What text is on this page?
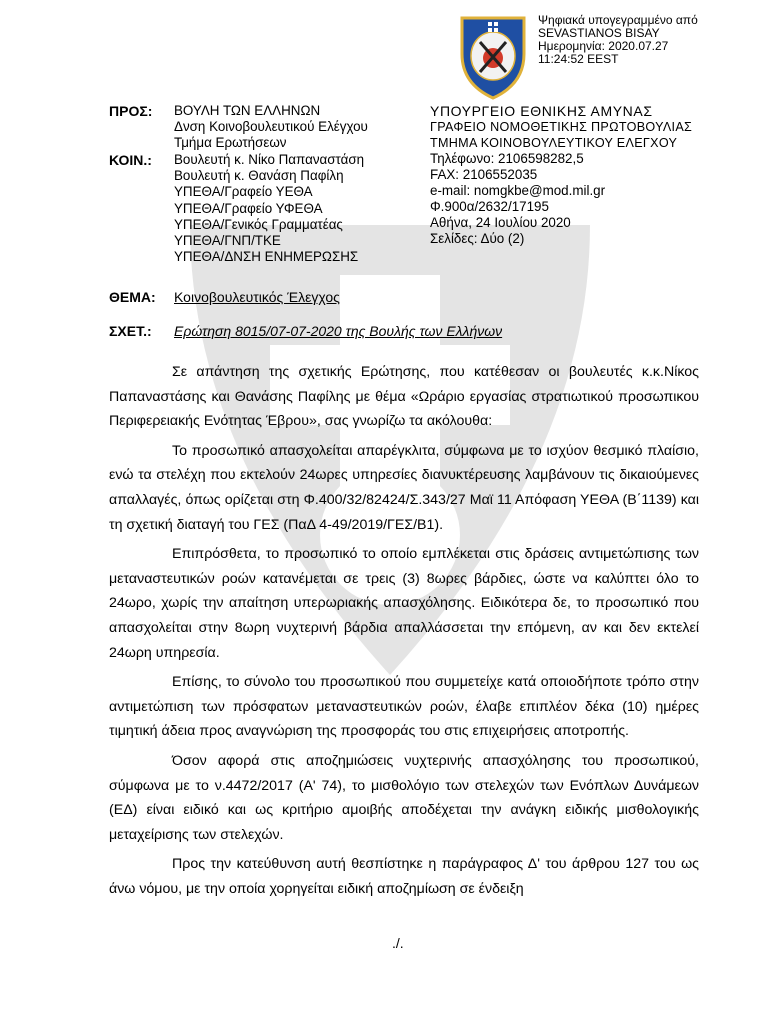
Ψηφιακά υπογεγραμμένο από
SEVASTIANOS BISAY
Ημερομηνία: 2020.07.27
11:24:52 EEST
ΠΡΟΣ: ΒΟΥΛΗ ΤΩΝ ΕΛΛΗΝΩΝ
Δνση Κοινοβουλευτικού Ελέγχου
Τμήμα Ερωτήσεων
ΚΟΙΝ.: Βουλευτή κ. Νίκο Παπαναστάση
Βουλευτή κ. Θανάση Παφίλη
ΥΠΕΘΑ/Γραφείο ΥΕΘΑ
ΥΠΕΘΑ/Γραφείο ΥΦΕΘΑ
ΥΠΕΘΑ/Γενικός Γραμματέας
ΥΠΕΘΑ/ΓΝΠ/ΤΚΕ
ΥΠΕΘΑ/ΔΝΣΗ ΕΝΗΜΕΡΩΣΗΣ
ΥΠΟΥΡΓΕΙΟ ΕΘΝΙΚΗΣ ΑΜΥΝΑΣ
ΓΡΑΦΕΙΟ ΝΟΜΟΘΕΤΙΚΗΣ ΠΡΩΤΟΒΟΥΛΙΑΣ
ΤΜΗΜΑ ΚΟΙΝΟΒΟΥΛΕΥΤΙΚΟΥ ΕΛΕΓΧΟΥ
Τηλέφωνο: 2106598282,5
FAX: 2106552035
e-mail: nomgkbe@mod.mil.gr
Φ.900α/2632/17195
Αθήνα, 24 Ιουλίου 2020
Σελίδες: Δύο (2)
ΘΕΜΑ: Κοινοβουλευτικός Έλεγχος
ΣΧΕΤ.: Ερώτηση 8015/07-07-2020 της Βουλής των Ελλήνων

Σε απάντηση της σχετικής Ερώτησης, που κατέθεσαν οι βουλευτές κ.κ.Νίκος Παπαναστάσης και Θανάσης Παφίλης με θέμα «Ωράριο εργασίας στρατιωτικού προσωπικου Περιφερειακής Ενότητας Έβρου», σας γνωρίζω τα ακόλουθα:

Το προσωπικό απασχολείται απαρέγκλιτα, σύμφωνα με το ισχύον θεσμικό πλαίσιο, ενώ τα στελέχη που εκτελούν 24ωρες υπηρεσίες διανυκτέρευσης λαμβάνουν τις δικαιούμενες απαλλαγές, όπως ορίζεται στη Φ.400/32/82424/Σ.343/27 Μαϊ 11 Απόφαση ΥΕΘΑ (Β΄1139) και τη σχετική διαταγή του ΓΕΣ (ΠαΔ 4-49/2019/ΓΕΣ/Β1).

Επιπρόσθετα, το προσωπικό το οποίο εμπλέκεται στις δράσεις αντιμετώπισης των μεταναστευτικών ροών κατανέμεται σε τρεις (3) 8ωρες βάρδιες, ώστε να καλύπτει όλο το 24ωρο, χωρίς την απαίτηση υπερωριακής απασχόλησης. Ειδικότερα δε, το προσωπικό που απασχολείται στην 8ωρη νυχτερινή βάρδια απαλλάσσεται την επόμενη, αν και δεν εκτελεί 24ωρη υπηρεσία.

Επίσης, το σύνολο του προσωπικού που συμμετείχε κατά οποιοδήποτε τρόπο στην αντιμετώπιση των πρόσφατων μεταναστευτικών ροών, έλαβε επιπλέον δέκα (10) ημέρες τιμητική άδεια προς αναγνώριση της προσφοράς του στις επιχειρήσεις αποτροπής.

Όσον αφορά στις αποζημιώσεις νυχτερινής απασχόλησης του προσωπικού, σύμφωνα με το ν.4472/2017 (Α' 74), το μισθολόγιο των στελεχών των Ενόπλων Δυνάμεων (ΕΔ) είναι ειδικό και ως κριτήριο αμοιβής αποδέχεται την ανάγκη ειδικής μισθολογικής μεταχείρισης των στελεχών.

Προς την κατεύθυνση αυτή θεσπίστηκε η παράγραφος Δ' του άρθρου 127 του ως άνω νόμου, με την οποία χορηγείται ειδική αποζημίωση σε ένδειξη

./.
